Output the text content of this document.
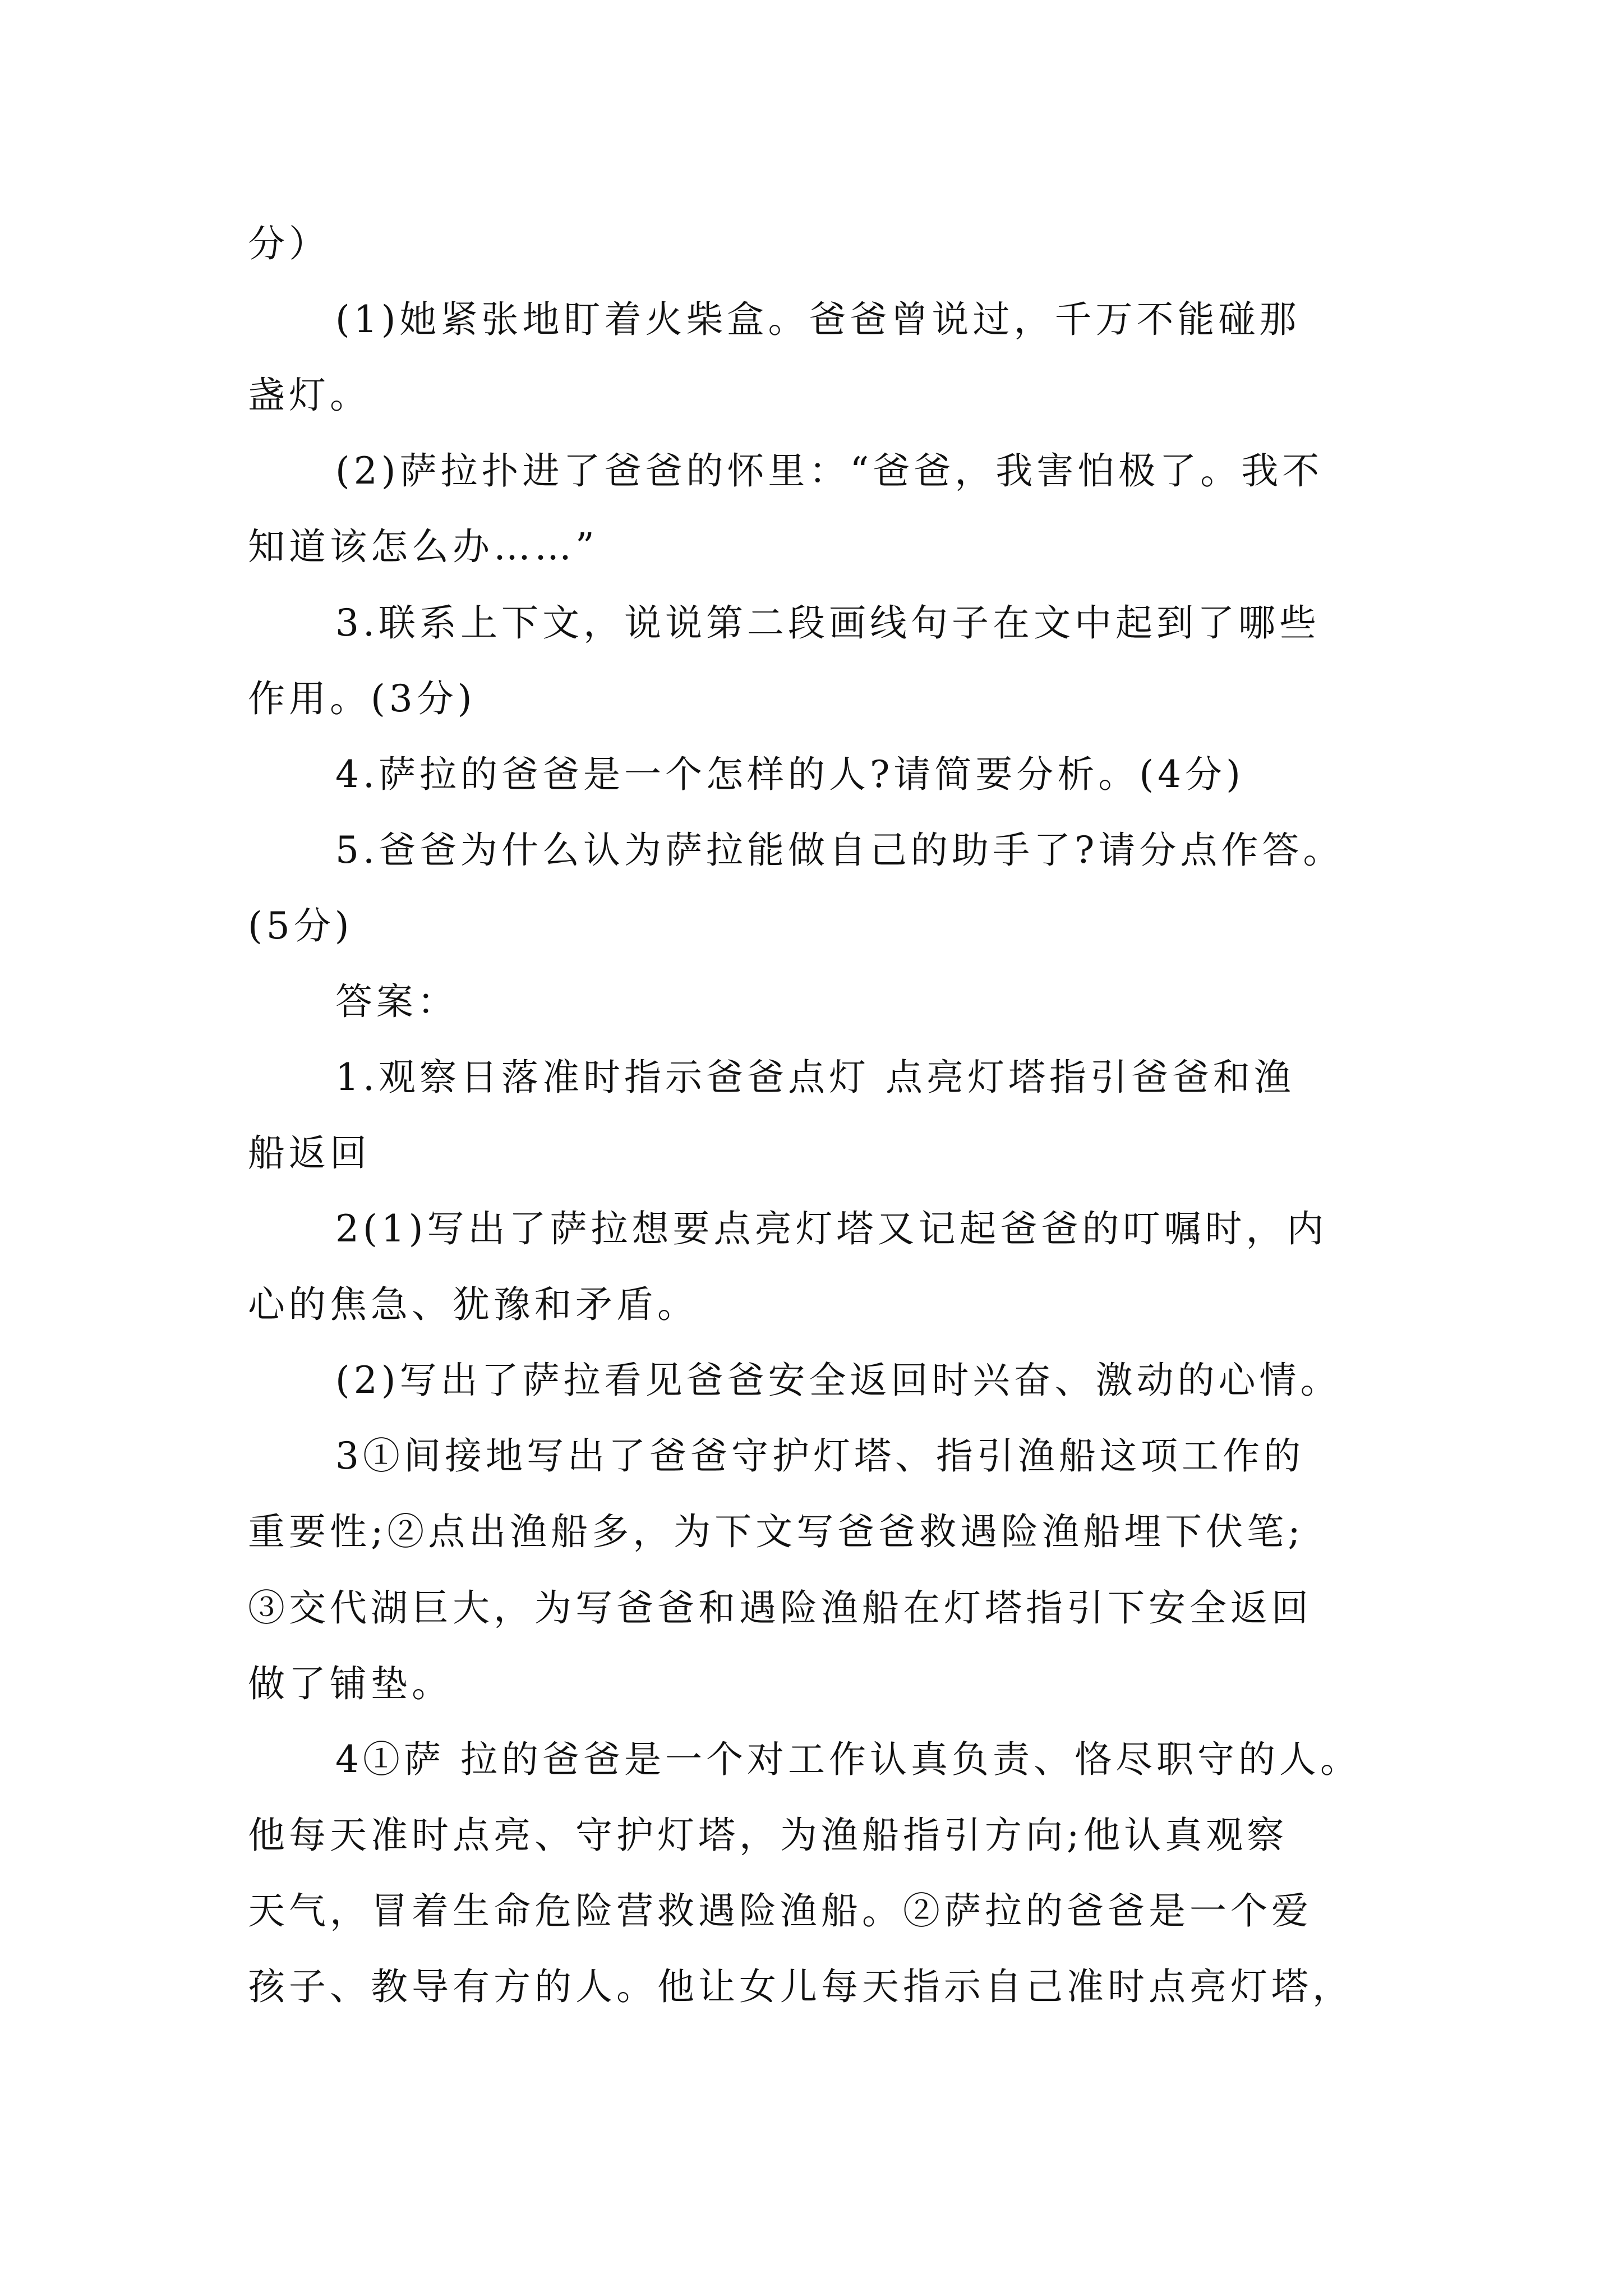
分）
(1)她紧张地盯着火柴盒。爸爸曾说过，千万不能碰那
盏灯。
(2)萨拉扑进了爸爸的怀里：“爸爸，我害怕极了。我不
知道该怎么办……”
3.联系上下文，说说第二段画线句子在文中起到了哪些
作用。(3分)
4.萨拉的爸爸是一个怎样的人?请简要分析。(4分)
5.爸爸为什么认为萨拉能做自己的助手了?请分点作答。
(5分)
答案：
1.观察日落准时指示爸爸点灯 点亮灯塔指引爸爸和渔
船返回
2(1)写出了萨拉想要点亮灯塔又记起爸爸的叮嘱时，内
心的焦急、犹豫和矛盾。
(2)写出了萨拉看见爸爸安全返回时兴奋、激动的心情。
3①间接地写出了爸爸守护灯塔、指引渔船这项工作的
重要性;②点出渔船多，为下文写爸爸救遇险渔船埋下伏笔;
③交代湖巨大，为写爸爸和遇险渔船在灯塔指引下安全返回
做了铺垫。
4①萨 拉的爸爸是一个对工作认真负责、恪尽职守的人。
他每天准时点亮、守护灯塔，为渔船指引方向;他认真观察
天气，冒着生命危险营救遇险渔船。②萨拉的爸爸是一个爱
孩子、教导有方的人。他让女儿每天指示自己准时点亮灯塔，
